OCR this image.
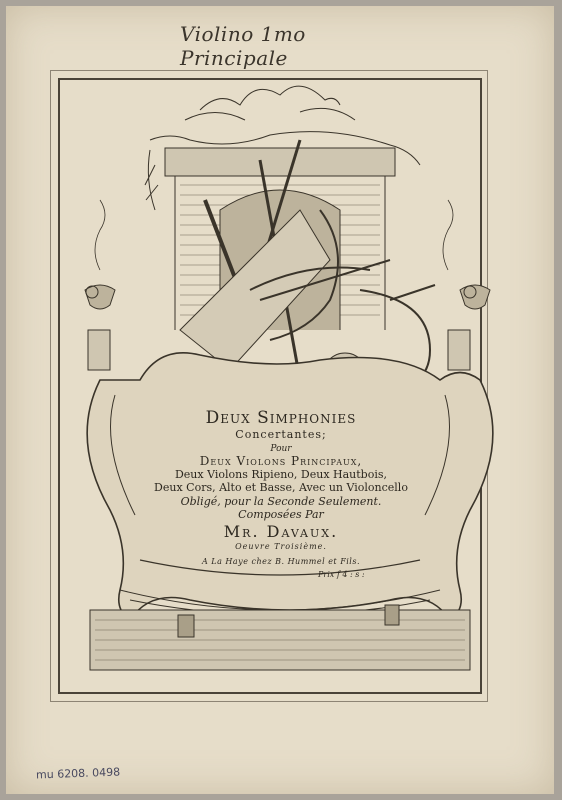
Violino 1mo Principale
Deux Simphonies
Concertantes;
Pour
Deux Violons Principaux,
Deux Violons Ripieno, Deux Hautbois,
Deux Cors, Alto et Basse, Avec un Violoncello
Obligé, pour la Seconde Seulement.
Composées Par
Mr. Davaux.
Oeuvre Troisième.
A La Haye chez B. Hummel et Fils.
Prix f 4 : s :
mu 6208. 0498
